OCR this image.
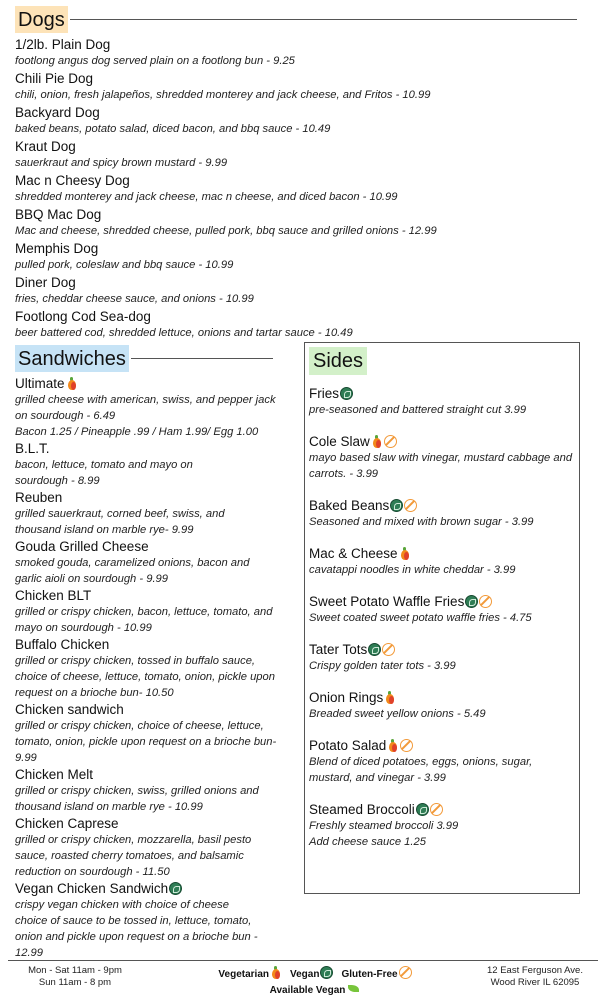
Dogs
1/2lb. Plain Dog
footlong angus dog served plain on a footlong bun - 9.25
Chili Pie Dog
chili, onion, fresh jalapeños, shredded monterey and jack cheese, and Fritos - 10.99
Backyard Dog
baked beans, potato salad, diced bacon, and bbq sauce - 10.49
Kraut Dog
sauerkraut and spicy brown mustard - 9.99
Mac n Cheesy Dog
shredded monterey and jack cheese, mac n cheese, and diced bacon - 10.99
BBQ Mac Dog
Mac and cheese, shredded cheese, pulled pork, bbq sauce and grilled onions - 12.99
Memphis Dog
pulled pork, coleslaw and bbq sauce - 10.99
Diner Dog
fries, cheddar cheese sauce, and onions - 10.99
Footlong Cod Sea-dog
beer battered cod, shredded lettuce, onions and tartar sauce - 10.49
Sandwiches
Ultimate
grilled cheese with american, swiss, and pepper jack on sourdough - 6.49
Bacon 1.25 / Pineapple .99 / Ham 1.99/ Egg 1.00
B.L.T.
bacon, lettuce, tomato and mayo on sourdough - 8.99
Reuben
grilled sauerkraut, corned beef, swiss, and thousand island on marble rye- 9.99
Gouda Grilled Cheese
smoked gouda, caramelized onions, bacon and garlic aioli on sourdough - 9.99
Chicken BLT
grilled or crispy chicken, bacon, lettuce, tomato, and mayo on sourdough - 10.99
Buffalo Chicken
grilled or crispy chicken, tossed in buffalo sauce, choice of cheese, lettuce, tomato, onion, pickle upon request on a brioche bun- 10.50
Chicken sandwich
grilled or crispy chicken, choice of cheese, lettuce, tomato, onion, pickle upon request on a brioche bun- 9.99
Chicken Melt
grilled or crispy chicken, swiss, grilled onions and thousand island on marble rye - 10.99
Chicken Caprese
grilled or crispy chicken, mozzarella, basil pesto sauce, roasted cherry tomatoes, and balsamic reduction on sourdough - 11.50
Vegan Chicken Sandwich
crispy vegan chicken with choice of cheese choice of sauce to be tossed in, lettuce, tomato, onion and pickle upon request on a brioche bun - 12.99
Sides
Fries
pre-seasoned and battered straight cut 3.99
Cole Slaw
mayo based slaw with vinegar, mustard cabbage and carrots. - 3.99
Baked Beans
Seasoned and mixed with brown sugar - 3.99
Mac & Cheese
cavatappi noodles in white cheddar - 3.99
Sweet Potato Waffle Fries
Sweet coated sweet potato waffle fries - 4.75
Tater Tots
Crispy golden tater tots - 3.99
Onion Rings
Breaded sweet yellow onions - 5.49
Potato Salad
Blend of diced potatoes, eggs, onions, sugar, mustard, and vinegar - 3.99
Steamed Broccoli
Freshly steamed broccoli 3.99
Add cheese sauce 1.25
Mon - Sat 11am - 9pm
Sun 11am - 8 pm
Vegetarian Vegan Gluten-Free
Available Vegan
12 East Ferguson Ave.
Wood River IL 62095
